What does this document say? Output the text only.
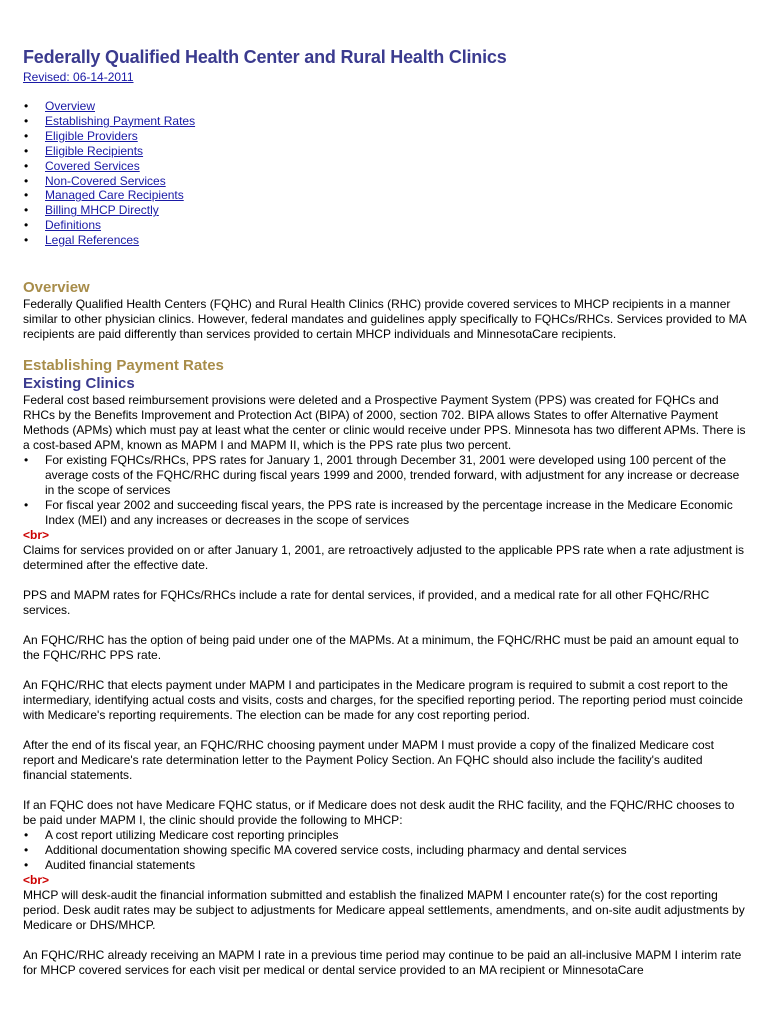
Federally Qualified Health Center and Rural Health Clinics
Revised: 06-14-2011
• Overview
• Establishing Payment Rates
• Eligible Providers
• Eligible Recipients
• Covered Services
• Non-Covered Services
• Managed Care Recipients
• Billing MHCP Directly
• Definitions
• Legal References
Overview

Federally Qualified Health Centers (FQHC) and Rural Health Clinics (RHC) provide covered services to MHCP recipients in a manner similar to other physician clinics. However, federal mandates and guidelines apply specifically to FQHCs/RHCs. Services provided to MA recipients are paid differently than services provided to certain MHCP individuals and MinnesotaCare recipients.

Establishing Payment Rates
Existing Clinics

Federal cost based reimbursement provisions were deleted and a Prospective Payment System (PPS) was created for FQHCs and RHCs by the Benefits Improvement and Protection Act (BIPA) of 2000, section 702. BIPA allows States to offer Alternative Payment Methods (APMs) which must pay at least what the center or clinic would receive under PPS. Minnesota has two different APMs. There is a cost-based APM, known as MAPM I and MAPM II, which is the PPS rate plus two percent.

• For existing FQHCs/RHCs, PPS rates for January 1, 2001 through December 31, 2001 were developed using 100 percent of the average costs of the FQHC/RHC during fiscal years 1999 and 2000, trended forward, with adjustment for any increase or decrease in the scope of services
• For fiscal year 2002 and succeeding fiscal years, the PPS rate is increased by the percentage increase in the Medicare Economic Index (MEI) and any increases or decreases in the scope of services
<br>

Claims for services provided on or after January 1, 2001, are retroactively adjusted to the applicable PPS rate when a rate adjustment is determined after the effective date.

PPS and MAPM rates for FQHCs/RHCs include a rate for dental services, if provided, and a medical rate for all other FQHC/RHC services.

An FQHC/RHC has the option of being paid under one of the MAPMs. At a minimum, the FQHC/RHC must be paid an amount equal to the FQHC/RHC PPS rate.

An FQHC/RHC that elects payment under MAPM I and participates in the Medicare program is required to submit a cost report to the intermediary, identifying actual costs and visits, costs and charges, for the specified reporting period. The reporting period must coincide with Medicare's reporting requirements. The election can be made for any cost reporting period.

After the end of its fiscal year, an FQHC/RHC choosing payment under MAPM I must provide a copy of the finalized Medicare cost report and Medicare's rate determination letter to the Payment Policy Section. An FQHC should also include the facility's audited financial statements.

If an FQHC does not have Medicare FQHC status, or if Medicare does not desk audit the RHC facility, and the FQHC/RHC chooses to be paid under MAPM I, the clinic should provide the following to MHCP:

• A cost report utilizing Medicare cost reporting principles
• Additional documentation showing specific MA covered service costs, including pharmacy and dental services
• Audited financial statements
<br>

MHCP will desk-audit the financial information submitted and establish the finalized MAPM I encounter rate(s) for the cost reporting period. Desk audit rates may be subject to adjustments for Medicare appeal settlements, amendments, and on-site audit adjustments by Medicare or DHS/MHCP.

An FQHC/RHC already receiving an MAPM I rate in a previous time period may continue to be paid an all-inclusive MAPM I interim rate for MHCP covered services for each visit per medical or dental service provided to an MA recipient or MinnesotaCare
